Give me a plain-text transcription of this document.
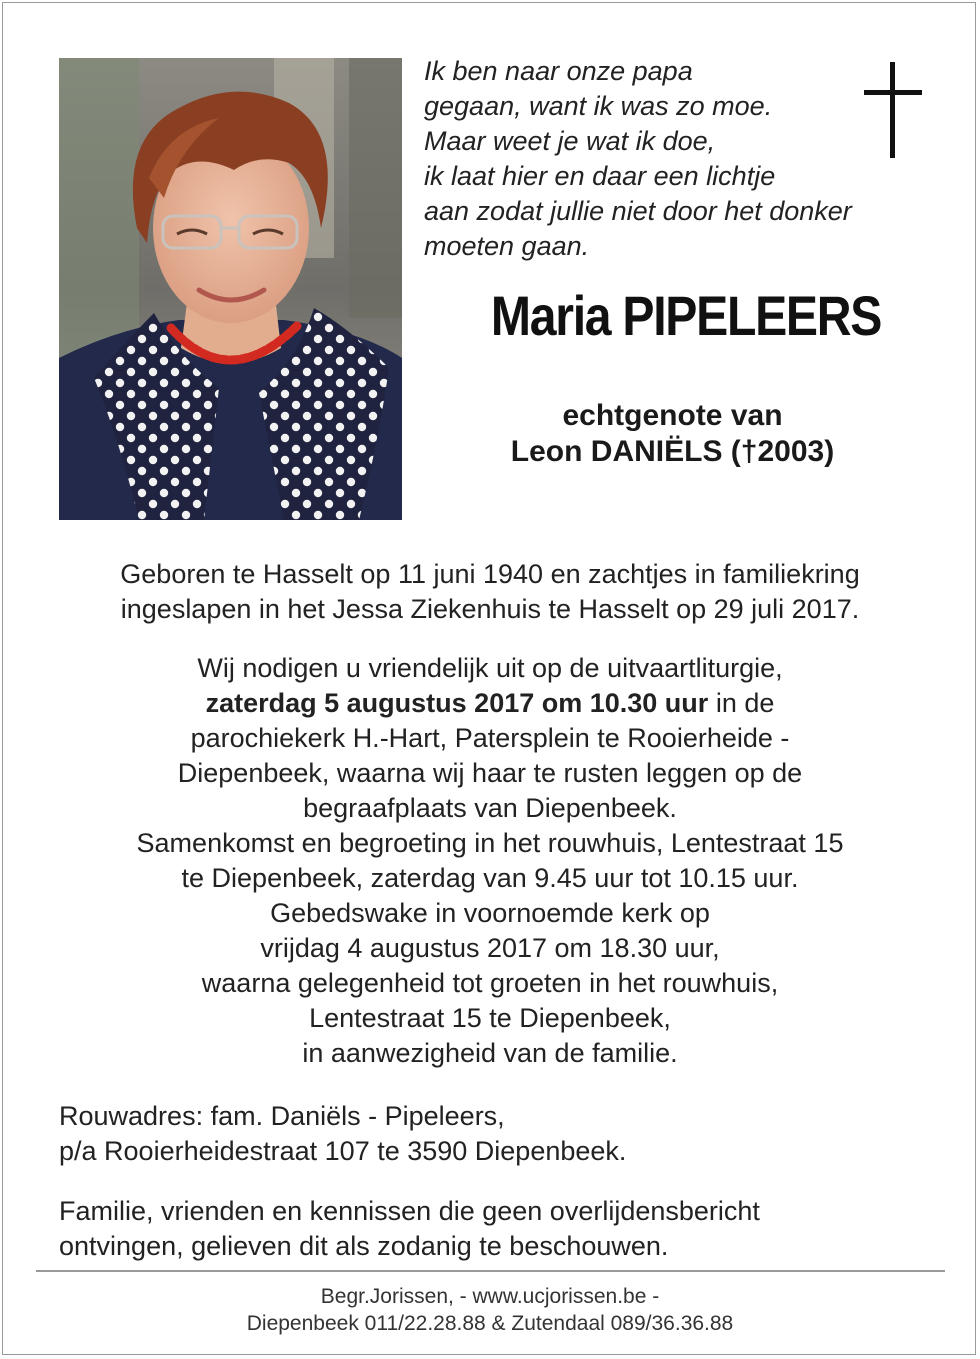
Ik ben naar onze papa
gegaan, want ik was zo moe.
Maar weet je wat ik doe,
ik laat hier en daar een lichtje
aan zodat jullie niet door het donker
moeten gaan.
Maria PIPELEERS
echtgenote van
Leon DANIËLS (†2003)
Geboren te Hasselt op 11 juni 1940 en zachtjes in familiekring
ingeslapen in het Jessa Ziekenhuis te Hasselt op 29 juli 2017.
Wij nodigen u vriendelijk uit op de uitvaartliturgie,
zaterdag 5 augustus 2017 om 10.30 uur in de
parochiekerk H.-Hart, Patersplein te Rooierheide -
Diepenbeek, waarna wij haar te rusten leggen op de
begraafplaats van Diepenbeek.
Samenkomst en begroeting in het rouwhuis, Lentestraat 15
te Diepenbeek, zaterdag van 9.45 uur tot 10.15 uur.
Gebedswake in voornoemde kerk op
vrijdag 4 augustus 2017 om 18.30 uur,
waarna gelegenheid tot groeten in het rouwhuis,
Lentestraat 15 te Diepenbeek,
in aanwezigheid van de familie.
Rouwadres: fam. Daniëls - Pipeleers,
p/a Rooierheidestraat 107 te 3590 Diepenbeek.
Familie, vrienden en kennissen die geen overlijdensbericht
ontvingen, gelieven dit als zodanig te beschouwen.
Begr.Jorissen, - www.ucjorissen.be -
Diepenbeek 011/22.28.88 & Zutendaal 089/36.36.88
